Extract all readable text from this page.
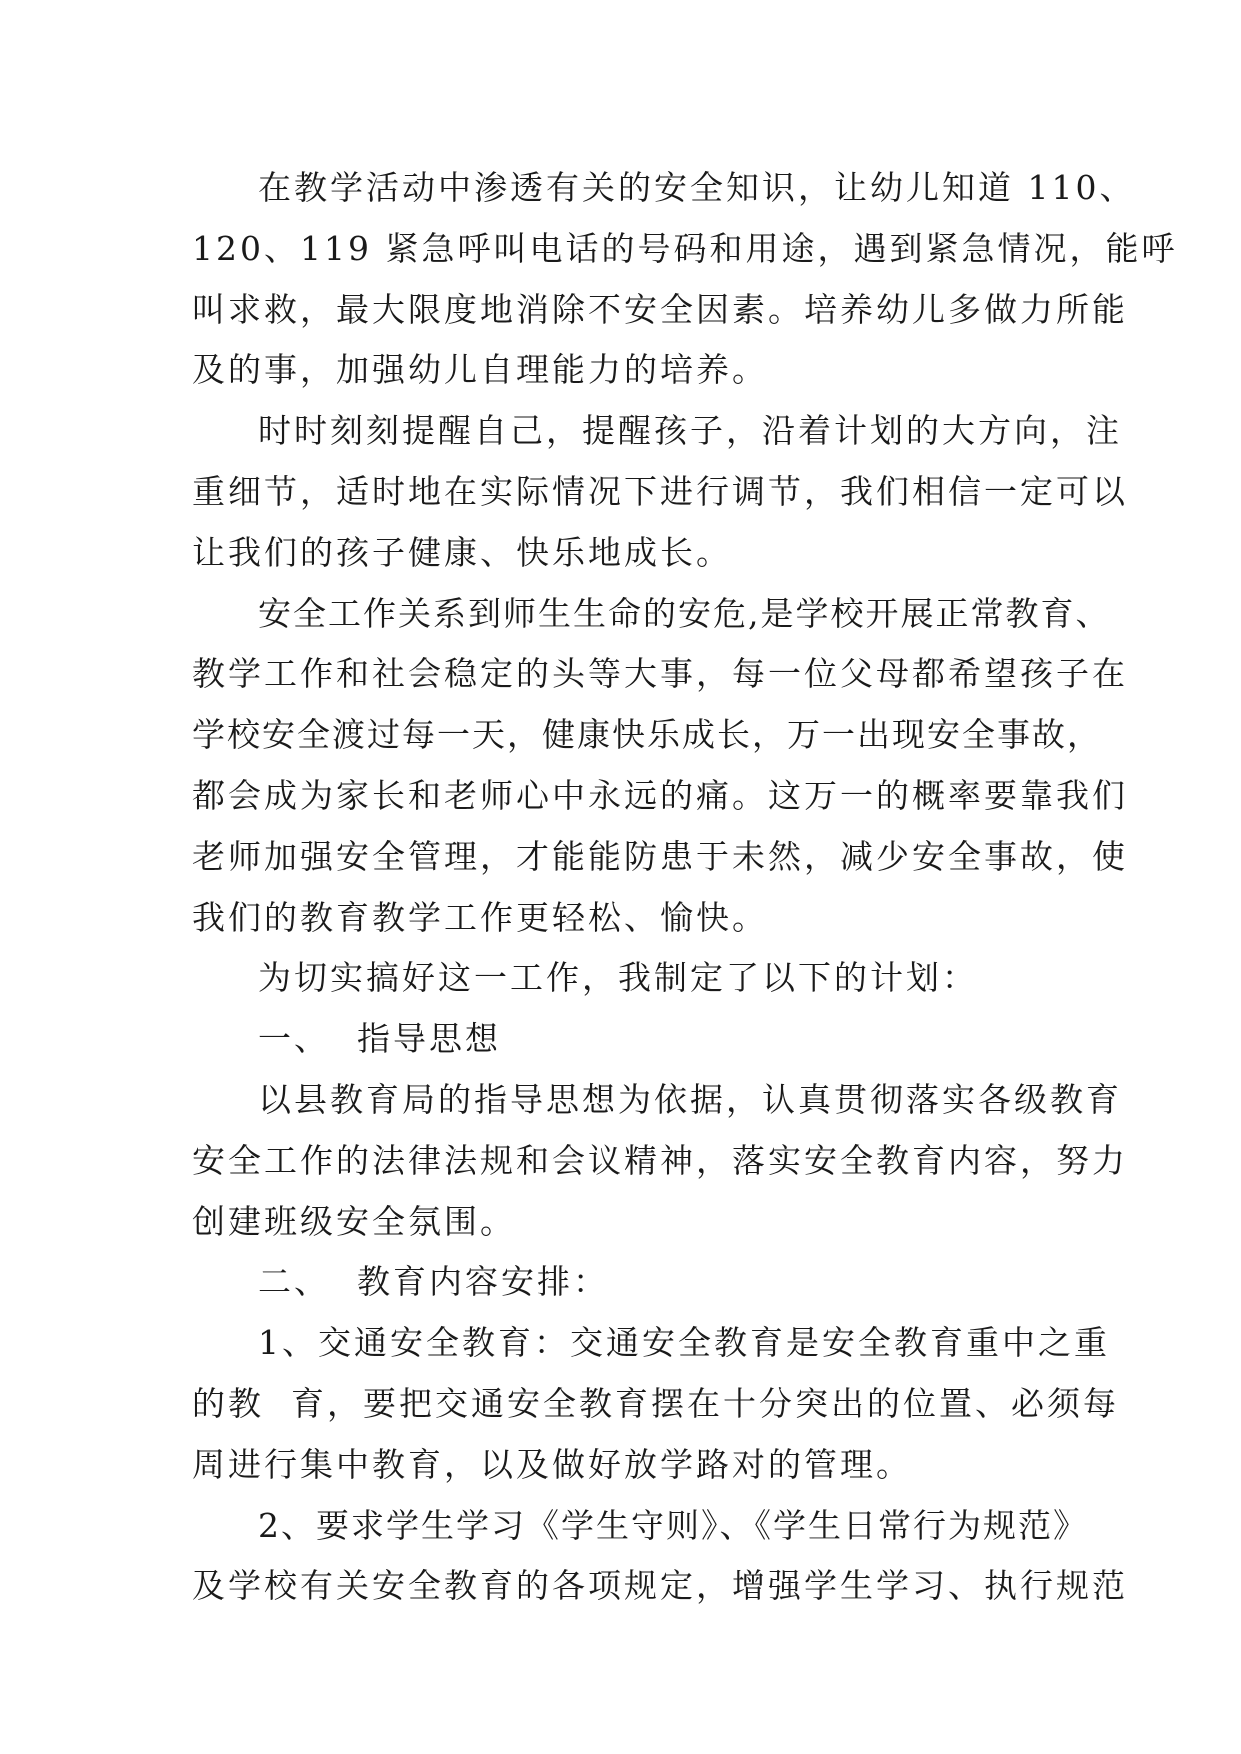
在教学活动中渗透有关的安全知识，让幼儿知道 110、
120、119 紧急呼叫电话的号码和用途，遇到紧急情况，能呼
叫求救，最大限度地消除不安全因素。培养幼儿多做力所能
及的事，加强幼儿自理能力的培养。
时时刻刻提醒自己，提醒孩子，沿着计划的大方向，注
重细节，适时地在实际情况下进行调节，我们相信一定可以
让我们的孩子健康、快乐地成长。
安全工作关系到师生生命的安危,是学校开展正常教育、
教学工作和社会稳定的头等大事，每一位父母都希望孩子在
学校安全渡过每一天，健康快乐成长，万一出现安全事故，
都会成为家长和老师心中永远的痛。这万一的概率要靠我们
老师加强安全管理，才能能防患于未然，减少安全事故，使
我们的教育教学工作更轻松、愉快。
为切实搞好这一工作，我制定了以下的计划：
一、  指导思想
以县教育局的指导思想为依据，认真贯彻落实各级教育
安全工作的法律法规和会议精神，落实安全教育内容，努力
创建班级安全氛围。
二、  教育内容安排：
1、交通安全教育：交通安全教育是安全教育重中之重
的教  育，要把交通安全教育摆在十分突出的位置、必须每
周进行集中教育，以及做好放学路对的管理。
2、要求学生学习《学生守则》、《学生日常行为规范》
及学校有关安全教育的各项规定，增强学生学习、执行规范
